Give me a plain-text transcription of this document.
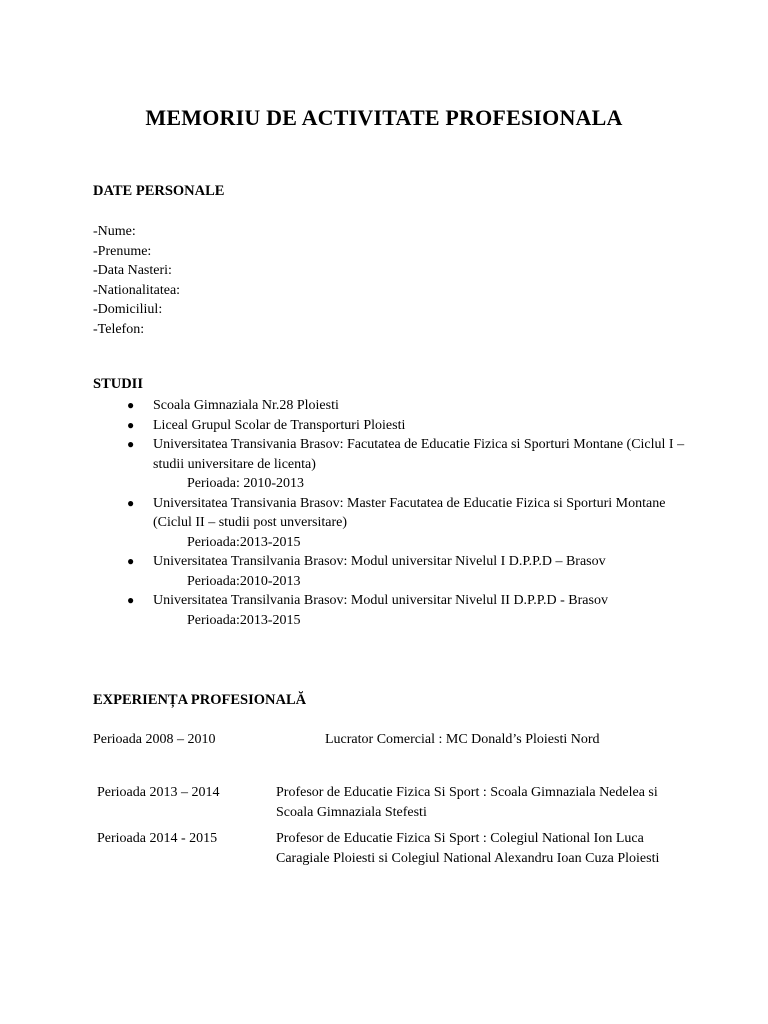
MEMORIU DE ACTIVITATE PROFESIONALA
DATE PERSONALE
-Nume:
-Prenume:
-Data Nasteri:
-Nationalitatea:
-Domiciliul:
-Telefon:
STUDII
● Scoala Gimnaziala Nr.28 Ploiesti
● Liceal Grupul Scolar de Transporturi Ploiesti
● Universitatea Transivania Brasov: Facutatea de Educatie Fizica si Sporturi Montane (Ciclul I – studii universitare de licenta)
Perioada: 2010-2013
● Universitatea Transivania Brasov: Master Facutatea de Educatie Fizica si Sporturi Montane (Ciclul II – studii post unversitare)
Perioada:2013-2015
● Universitatea Transilvania Brasov: Modul universitar Nivelul I D.P.P.D – Brasov
Perioada:2010-2013
● Universitatea Transilvania Brasov: Modul universitar Nivelul II D.P.P.D - Brasov
Perioada:2013-2015
EXPERIENȚA PROFESIONALĂ
Perioada 2008 – 2010	Lucrator Comercial : MC Donald’s Ploiesti Nord
Perioada 2013 – 2014	Profesor de Educatie Fizica Si Sport : Scoala Gimnaziala Nedelea si Scoala Gimnaziala Stefesti
Perioada 2014 - 2015	Profesor de Educatie Fizica Si Sport : Colegiul National Ion Luca Caragiale Ploiesti si Colegiul National Alexandru Ioan Cuza Ploiesti
